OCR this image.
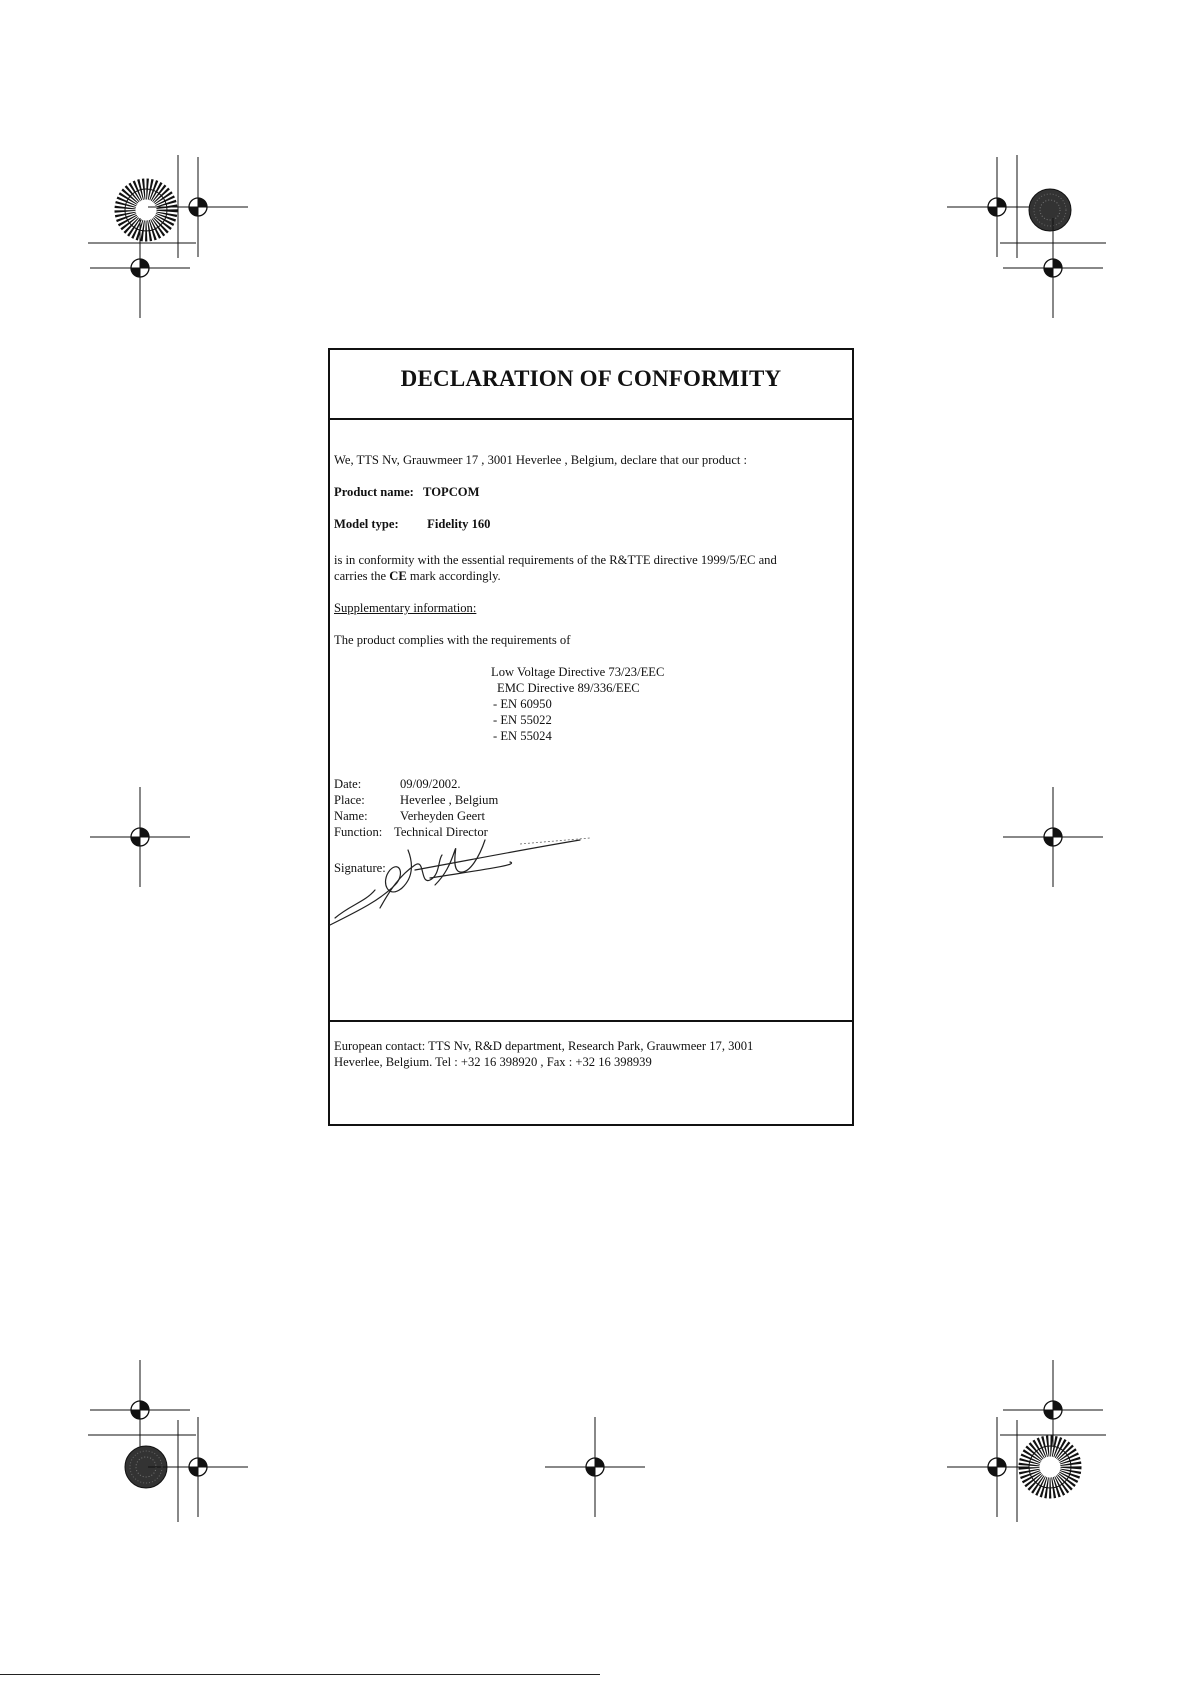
DECLARATION OF CONFORMITY
We, TTS Nv, Grauwmeer 17 , 3001 Heverlee , Belgium, declare that our product :
Product name: TOPCOM
Model type: Fidelity 160
is in conformity with the essential requirements of the R&TTE directive 1999/5/EC and
carries the CE mark accordingly.
Supplementary information:
The product complies with the requirements of
Low Voltage Directive 73/23/EEC
EMC Directive 89/336/EEC
- EN 60950
- EN 55022
- EN 55024
Date:	09/09/2002.
Place:	Heverlee , Belgium
Name:	Verheyden Geert
Function: Technical Director
Signature:
European contact: TTS Nv, R&D department, Research Park, Grauwmeer 17, 3001
Heverlee, Belgium. Tel : +32 16 398920 , Fax : +32 16 398939
